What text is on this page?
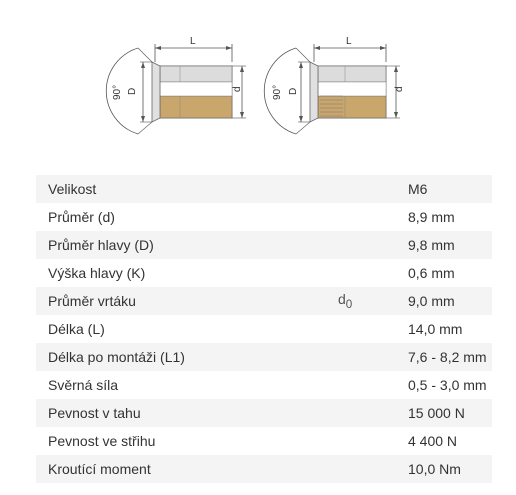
L
D	d
90°
L
D	d
90°
Velikost		M6
Průměr (d)		8,9 mm
Průměr hlavy (D)		9,8 mm
Výška hlavy (K)		0,6 mm
Průměr vrtáku	$d_0$	9,0 mm
Délka (L)		14,0 mm
Délka po montáži (L1)		7,6 - 8,2 mm
Svěrná síla		0,5 - 3,0 mm
Pevnost v tahu		15 000 N
Pevnost ve střihu		4 400 N
Kroutící moment		10,0 Nm
